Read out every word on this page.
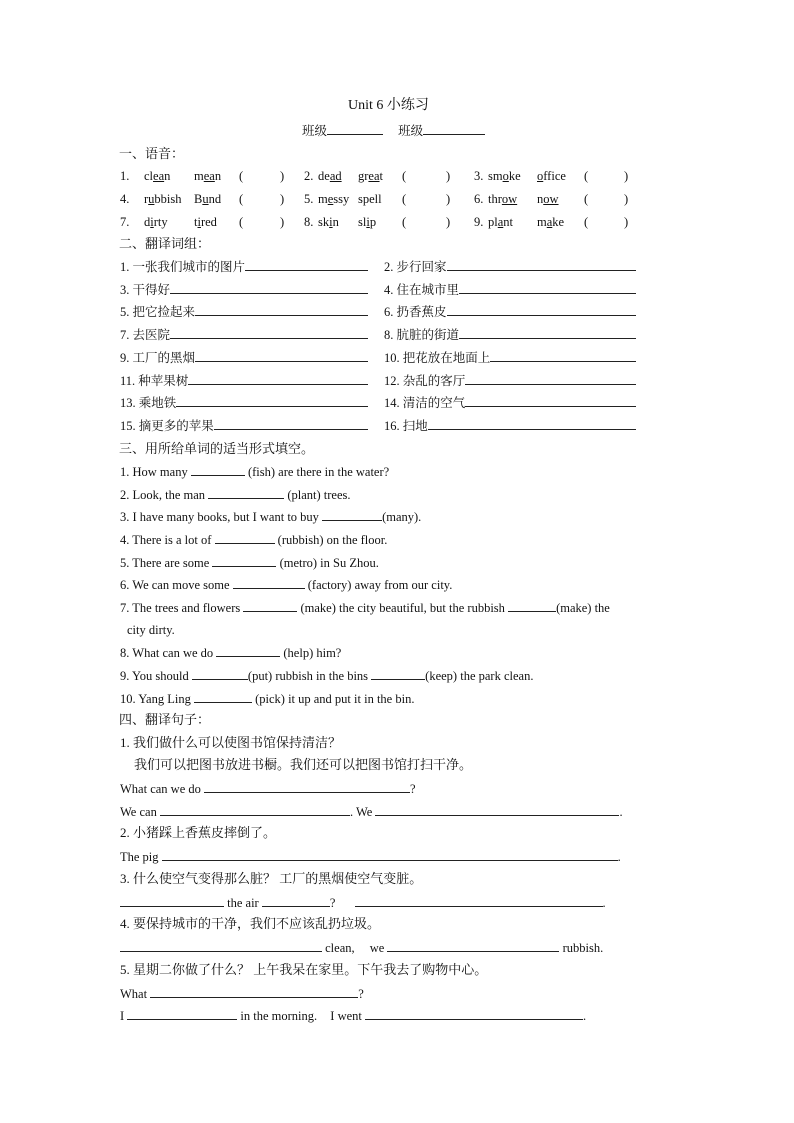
Unit 6 小练习
班级	班级
一、语音：
1. clean mean (	) 2. dead great (	) 3. smoke office (	)
4. rubbish Bund (	) 5. messy spell (	) 6. throw now (	)
7. dirty tired (	) 8. skin slip (	) 9. plant make (	)
二、翻译词组：
1. 一张我们城市的图片	2. 步行回家
3. 干得好	4. 住在城市里
5. 把它捡起来	6. 扔香蕉皮
7. 去医院	8. 肮脏的街道
9. 工厂的黑烟	10. 把花放在地面上
11. 种苹果树	12. 杂乱的客厅
13. 乘地铁	14. 清洁的空气
15. 摘更多的苹果	16. 扫地
三、用所给单词的适当形式填空。
1. How many	(fish) are there in the water?
2. Look, the man	(plant) trees.
3. I have many books, but I want to buy	(many).
4. There is a lot of	(rubbish) on the floor.
5. There are some	(metro) in Su Zhou.
6. We can move some	(factory) away from our city.
7. The trees and flowers	(make) the city beautiful, but the rubbish	(make) the
city dirty.
8. What can we do	(help) him?
9. You should	(put) rubbish in the bins	(keep) the park clean.
10. Yang Ling	(pick) it up and put it in the bin.
四、翻译句子：
1. 我们做什么可以使图书馆保持清洁？
我们可以把图书放进书橱。我们还可以把图书馆打扫干净。
What can we do	?
We can	. We	.
2. 小猪踩上香蕉皮摔倒了。
The pig	.
3. 什么使空气变得那么脏？ 工厂的黑烟使空气变脏。
the air	?	.
4. 要保持城市的干净，我们不应该乱扔垃圾。
clean, we	rubbish.
5. 星期二你做了什么？ 上午我呆在家里。下午我去了购物中心。
What	?
I	in the morning. I went	.
